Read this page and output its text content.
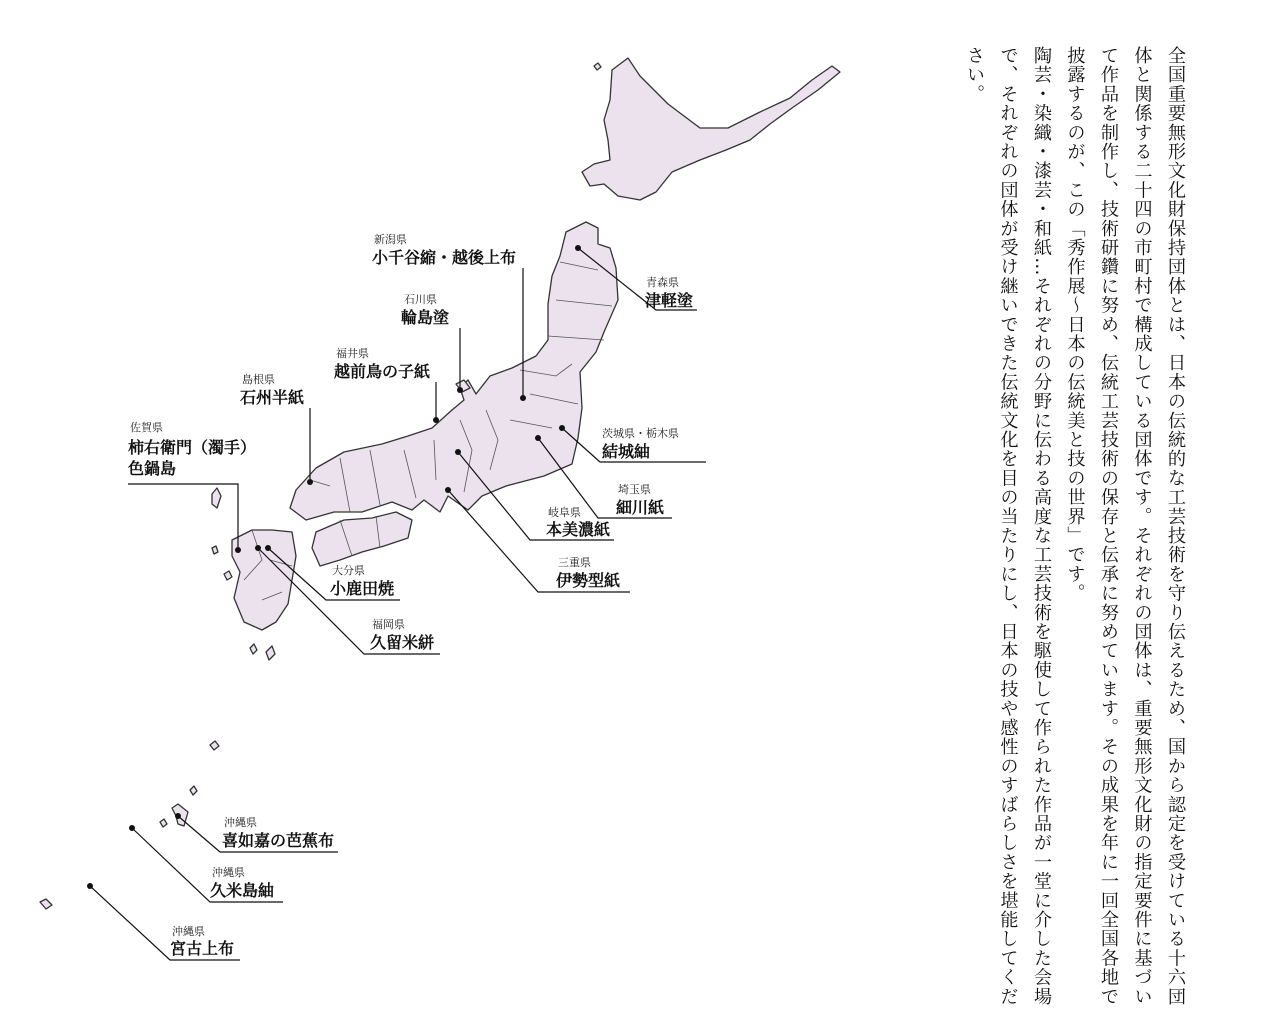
新潟県
小千谷縮・越後上布
青森県
津軽塗
石川県
輪島塗
福井県
越前鳥の子紙
島根県
石州半紙
佐賀県
柿右衛門（濁手）
色鍋島
茨城県・栃木県
結城紬
埼玉県
細川紙
岐阜県
本美濃紙
三重県
伊勢型紙
大分県
小鹿田焼
福岡県
久留米絣
沖縄県
喜如嘉の芭蕉布
沖縄県
久米島紬
沖縄県
宮古上布	全国重要無形文化財保持団体とは、日本の伝統的な工芸技術を守り伝えるため、国から認定を受けている十六団体と関係する二十四の市町村で構成している団体です。それぞれの団体は、重要無形文化財の指定要件に基づいて作品を制作し、技術研鑽に努め、伝統工芸技術の保存と伝承に努めています。その成果を年に一回全国各地で披露するのが、この「秀作展～日本の伝統美と技の世界」です。

陶芸・染織・漆芸・和紙…それぞれの分野に伝わる高度な工芸技術を駆使して作られた作品が一堂に介した会場で、それぞれの団体が受け継いできた伝統文化を目の当たりにし、日本の技や感性のすばらしさを堪能してください。
